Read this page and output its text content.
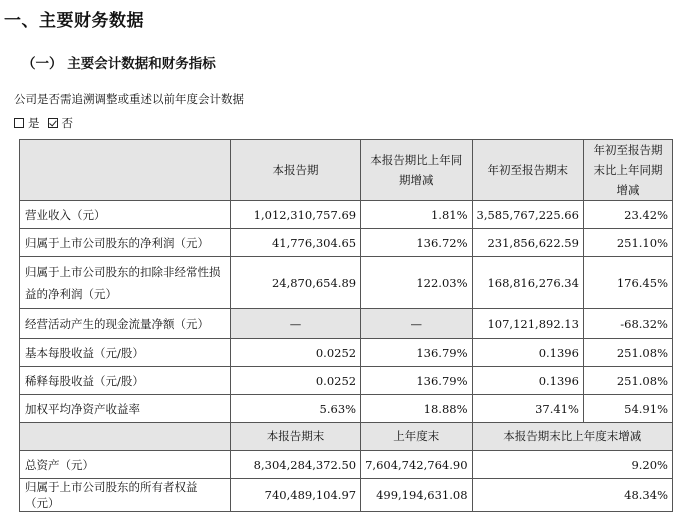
一、主要财务数据
（一） 主要会计数据和财务指标
公司是否需追溯调整或重述以前年度会计数据
是 否
	本报告期	本报告期比上年同期增减	年初至报告期末	年初至报告期末比上年同期增减
营业收入（元）	1,012,310,757.69	1.81%	3,585,767,225.66	23.42%
归属于上市公司股东的净利润（元）	41,776,304.65	136.72%	231,856,622.59	251.10%
归属于上市公司股东的扣除非经常性损益的净利润（元）	24,870,654.89	122.03%	168,816,276.34	176.45%
经营活动产生的现金流量净额（元）	—	—	107,121,892.13	-68.32%
基本每股收益（元/股）	0.0252	136.79%	0.1396	251.08%
稀释每股收益（元/股）	0.0252	136.79%	0.1396	251.08%
加权平均净资产收益率	5.63%	18.88%	37.41%	54.91%
	本报告期末	上年度末	本报告期末比上年度末增减	
总资产（元）	8,304,284,372.50	7,604,742,764.90	9.20%	
归属于上市公司股东的所有者权益（元）	740,489,104.97	499,194,631.08	48.34%	
